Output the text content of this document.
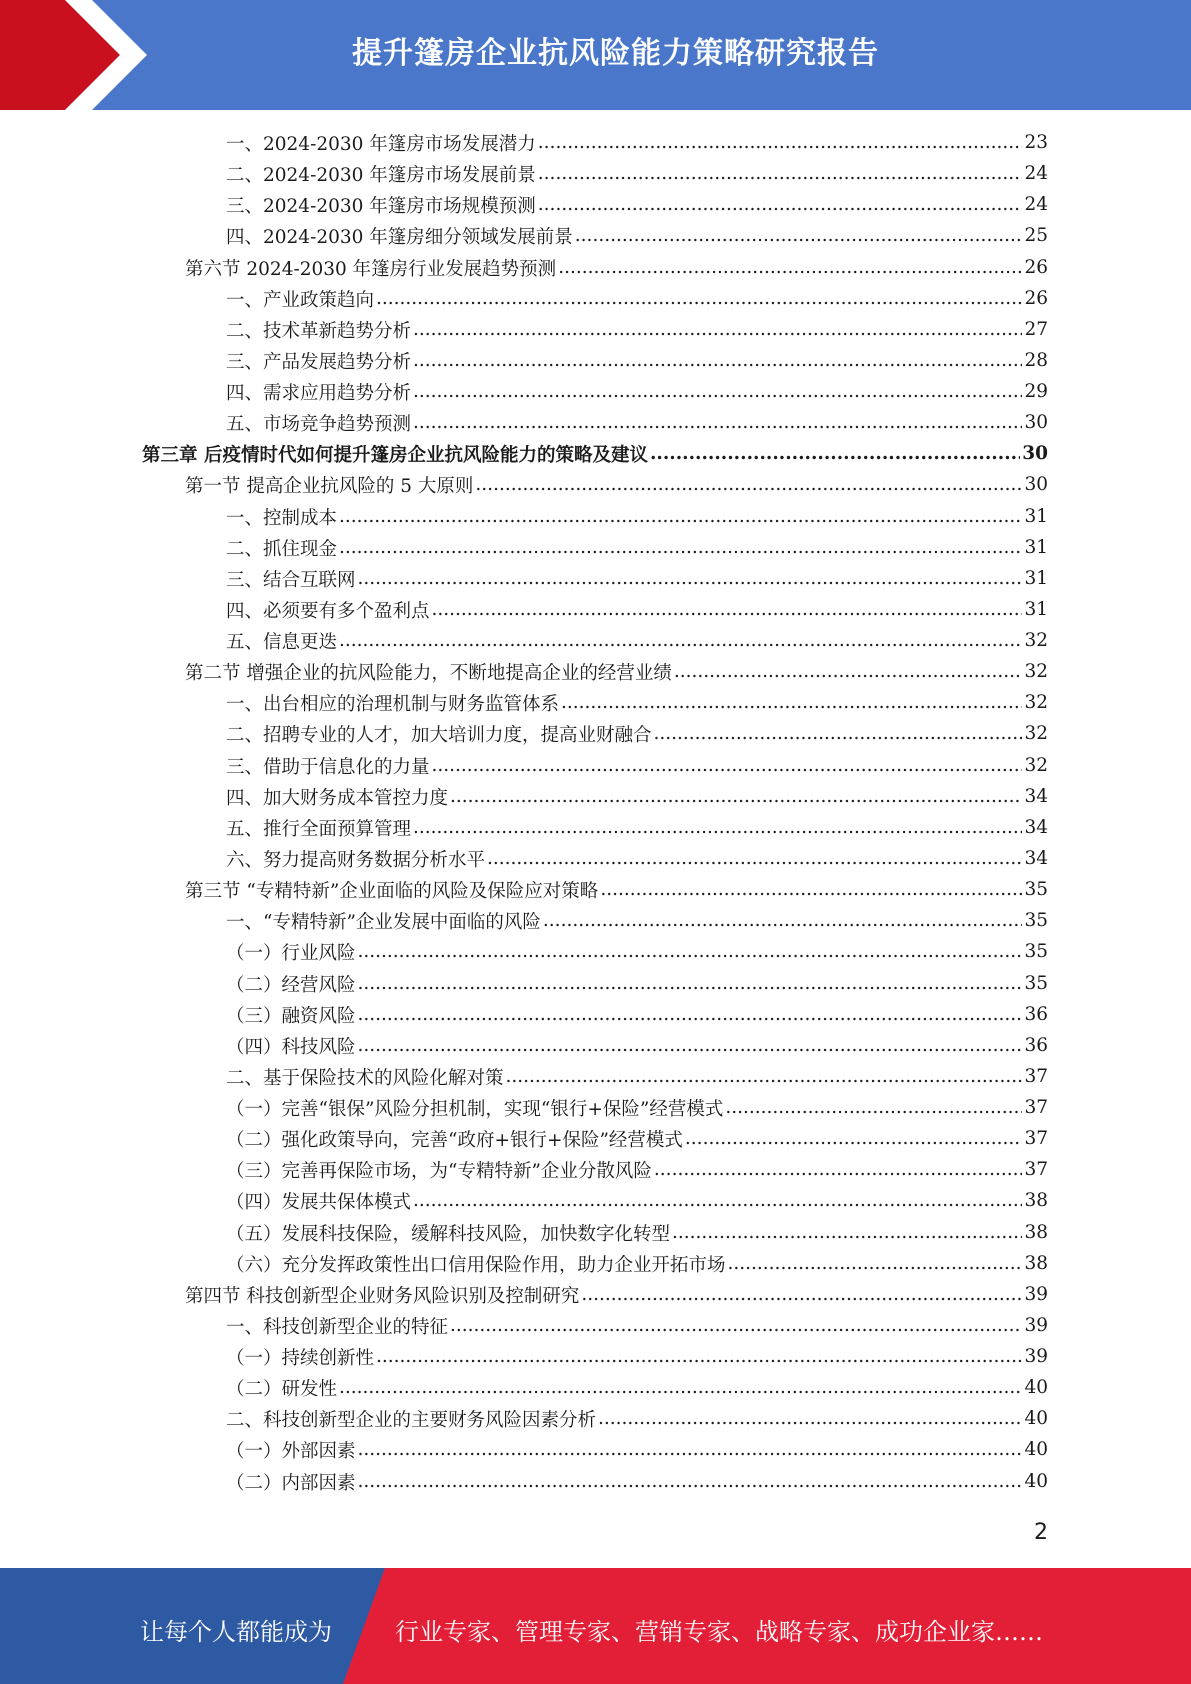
提升篷房企业抗风险能力策略研究报告
一、2024-2030 年篷房市场发展潜力 .....	23
二、2024-2030 年篷房市场发展前景 .....	24
三、2024-2030 年篷房市场规模预测 .....	24
四、2024-2030 年篷房细分领域发展前景 .....	25
第六节 2024-2030 年篷房行业发展趋势预测 .....	26
一、产业政策趋向 .....	26
二、技术革新趋势分析 .....	27
三、产品发展趋势分析 .....	28
四、需求应用趋势分析 .....	29
五、市场竞争趋势预测 .....	30
第三章 后疫情时代如何提升篷房企业抗风险能力的策略及建议 .....	30
第一节 提高企业抗风险的 5 大原则 .....	30
一、控制成本 .....	31
二、抓住现金 .....	31
三、结合互联网 .....	31
四、必须要有多个盈利点 .....	31
五、信息更迭 .....	32
第二节 增强企业的抗风险能力，不断地提高企业的经营业绩 .....	32
一、出台相应的治理机制与财务监管体系 .....	32
二、招聘专业的人才，加大培训力度，提高业财融合 .....	32
三、借助于信息化的力量 .....	32
四、加大财务成本管控力度 .....	34
五、推行全面预算管理 .....	34
六、努力提高财务数据分析水平 .....	34
第三节 “专精特新”企业面临的风险及保险应对策略 .....	35
一、“专精特新”企业发展中面临的风险 .....	35
（一）行业风险 .....	35
（二）经营风险 .....	35
（三）融资风险 .....	36
（四）科技风险 .....	36
二、基于保险技术的风险化解对策 .....	37
（一）完善“银保”风险分担机制，实现“银行+保险”经营模式 .....	37
（二）强化政策导向，完善“政府+银行+保险”经营模式 .....	37
（三）完善再保险市场，为“专精特新”企业分散风险 .....	37
（四）发展共保体模式 .....	38
（五）发展科技保险，缓解科技风险，加快数字化转型 .....	38
（六）充分发挥政策性出口信用保险作用，助力企业开拓市场 .....	38
第四节 科技创新型企业财务风险识别及控制研究 .....	39
一、科技创新型企业的特征 .....	39
（一）持续创新性 .....	39
（二）研发性 .....	40
二、科技创新型企业的主要财务风险因素分析 .....	40
（一）外部因素 .....	40
（二）内部因素 .....	40
2
让每个人都能成为	行业专家、管理专家、营销专家、战略专家、成功企业家……
